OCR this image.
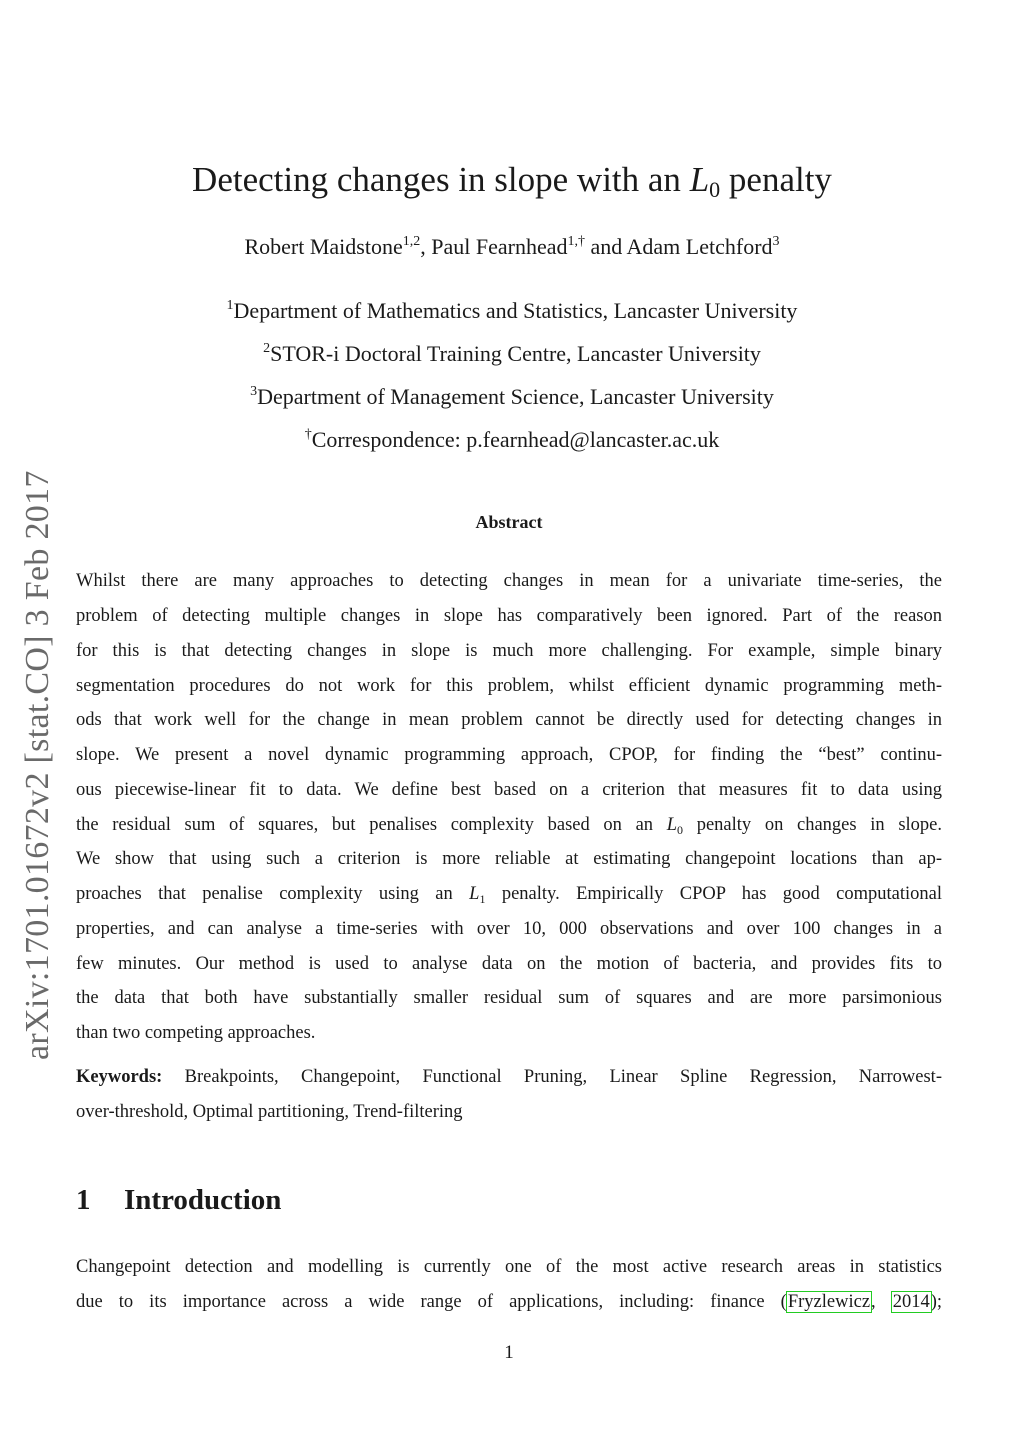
arXiv:1701.01672v2 [stat.CO] 3 Feb 2017
Detecting changes in slope with an $L_0$ penalty
Robert Maidstone$^{1,2}$, Paul Fearnhead$^{1,\dagger}$ and Adam Letchford$^3$
$^1$Department of Mathematics and Statistics, Lancaster University
$^2$STOR-i Doctoral Training Centre, Lancaster University
$^3$Department of Management Science, Lancaster University
†Correspondence: p.fearnhead@lancaster.ac.uk
Abstract
Whilst there are many approaches to detecting changes in mean for a univariate time-series, the
problem of detecting multiple changes in slope has comparatively been ignored. Part of the reason
for this is that detecting changes in slope is much more challenging. For example, simple binary
segmentation procedures do not work for this problem, whilst efficient dynamic programming meth-
ods that work well for the change in mean problem cannot be directly used for detecting changes in
slope. We present a novel dynamic programming approach, CPOP, for finding the “best” continu-
ous piecewise-linear fit to data. We define best based on a criterion that measures fit to data using
the residual sum of squares, but penalises complexity based on an $L_0$ penalty on changes in slope.
We show that using such a criterion is more reliable at estimating changepoint locations than ap-
proaches that penalise complexity using an $L_1$ penalty. Empirically CPOP has good computational
properties, and can analyse a time-series with over 10, 000 observations and over 100 changes in a
few minutes. Our method is used to analyse data on the motion of bacteria, and provides fits to
the data that both have substantially smaller residual sum of squares and are more parsimonious
than two competing approaches.
Keywords: Breakpoints, Changepoint, Functional Pruning, Linear Spline Regression, Narrowest-
over-threshold, Optimal partitioning, Trend-filtering
1 Introduction
Changepoint detection and modelling is currently one of the most active research areas in statistics
due to its importance across a wide range of applications, including: finance (Fryzlewicz, 2014);
1
